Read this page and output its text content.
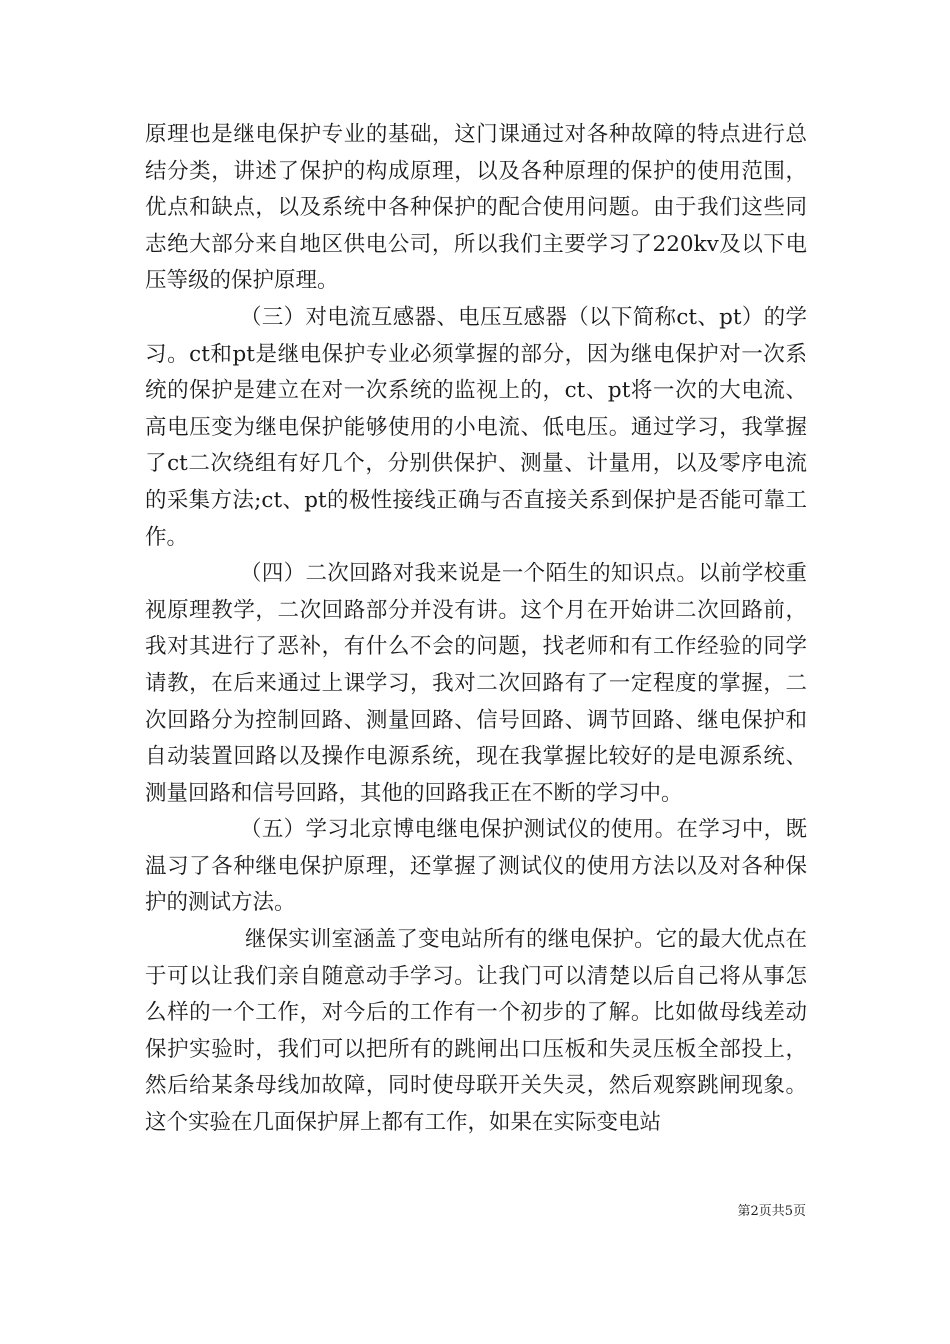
原理也是继电保护专业的基础，这门课通过对各种故障的特点进行总结分类，讲述了保护的构成原理，以及各种原理的保护的使用范围，优点和缺点，以及系统中各种保护的配合使用问题。由于我们这些同志绝大部分来自地区供电公司，所以我们主要学习了220kv及以下电压等级的保护原理。

（三）对电流互感器、电压互感器（以下简称ct、pt）的学习。ct和pt是继电保护专业必须掌握的部分，因为继电保护对一次系统的保护是建立在对一次系统的监视上的，ct、pt将一次的大电流、高电压变为继电保护能够使用的小电流、低电压。通过学习，我掌握了ct二次绕组有好几个，分别供保护、测量、计量用，以及零序电流的采集方法;ct、pt的极性接线正确与否直接关系到保护是否能可靠工作。

（四）二次回路对我来说是一个陌生的知识点。以前学校重视原理教学，二次回路部分并没有讲。这个月在开始讲二次回路前，我对其进行了恶补，有什么不会的问题，找老师和有工作经验的同学请教，在后来通过上课学习，我对二次回路有了一定程度的掌握，二次回路分为控制回路、测量回路、信号回路、调节回路、继电保护和自动装置回路以及操作电源系统，现在我掌握比较好的是电源系统、测量回路和信号回路，其他的回路我正在不断的学习中。

（五）学习北京博电继电保护测试仪的使用。在学习中，既温习了各种继电保护原理，还掌握了测试仪的使用方法以及对各种保护的测试方法。

继保实训室涵盖了变电站所有的继电保护。它的最大优点在于可以让我们亲自随意动手学习。让我门可以清楚以后自己将从事怎么样的一个工作，对今后的工作有一个初步的了解。比如做母线差动保护实验时，我们可以把所有的跳闸出口压板和失灵压板全部投上，然后给某条母线加故障，同时使母联开关失灵，然后观察跳闸现象。这个实验在几面保护屏上都有工作，如果在实际变电站

第2页共5页
